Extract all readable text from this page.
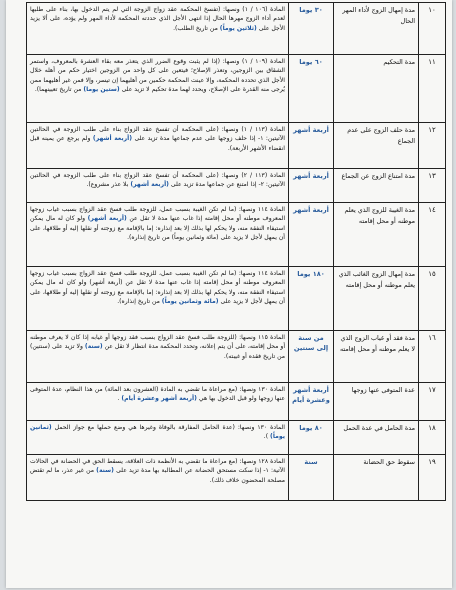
١٠	مدة إمهال الزوج لأداء المهر الحال	٣٠ يوما	المادة (١٠٦ / ١) ونصها: (تفسخ المحكمة عقد زواج الزوجة التي لم يتم الدخول بها، بناء على طلبها لعدم أداء الزوج مهرها الحال إذا انتهى الأجل الذي حددته المحكمة لأداء المهر ولم يؤده، على ألا يزيد الأجل على (ثلاثين يوماً) من تاريخ الطلب).
١١	مدة التحكيم	٦٠ يوما	المادة (١٠٩ / ١) ونصها: (إذا لم يثبت وقوع الضرر الذي يتعذر معه بقاء العشرة بالمعروف، واستمر الشقاق بين الزوجين، وتعذر الإصلاح؛ فيتعين على كل واحد من الزوجين اختيار حكم من أهله خلال الأجل الذي تحدده المحكمة، وإلا عينت المحكمة حكمين من أهليهما إن تيسر، وإلا فمن غير أهليهما ممن يُرجى منه القدرة على الإصلاح، ويحدد لهما مدة تحكيم لا تزيد على (ستين يوما) من تاريخ تعيينهما).
١٢	مدة حلف الزوج على عدم الجماع	أربعة أشهر	المادة (١١٣ / ١) ونصها: (على المحكمة أن تفسخ عقد الزواج بناء على طلب الزوجة في الحالتين الآتيتين: ١- إذا حلف زوجها على عدم جماعها مدة تزيد على (أربعة أشهر) ولم يرجع عن يمينه قبل انقضاء الأشهر الأربعة).
١٣	مدة امتناع الزوج عن الجماع	أربعة أشهر	المادة (١١٣ / ٢) ونصها: (على المحكمة أن تفسخ عقد الزواج بناء على طلب الزوجة في الحالتين الآتيتين: ٢- إذا امتنع عن جماعها مدة تزيد على (أربعة أشهر) بلا عذر مشروع).
١٤	مدة الغيبة للزوج الذي يعلم موطنه أو محل إقامته	أربعة أشهر	المادة ١١٤ ونصها: (ما لم تكن الغيبة بسبب عمل، للزوجة طلب فسخ عقد الزواج بسبب غياب زوجها المعروف موطنه أو محل إقامته إذا غاب عنها مدة لا تقل عن (أربعة أشهر) ولو كان له مال يمكن استيفاء النفقة منه، ولا يحكم لها بذلك إلا بعد إنذاره: إما بالإقامة مع زوجته أو نقلها إليه أو طلاقها، على أن يمهل لأجل لا يزيد على (مائة وثمانين يوماً) من تاريخ إنذاره).
١٥	مدة إمهال الزوج الغائب الذي يعلم موطنه أو محل إقامته	١٨٠ يوما	المادة ١١٤ ونصها: (ما لم تكن الغيبة بسبب عمل، للزوجة طلب فسخ عقد الزواج بسبب غياب زوجها المعروف موطنه أو محل إقامته إذا غاب عنها مدة لا تقل عن (أربعة أشهر) ولو كان له مال يمكن استيفاء النفقة منه، ولا يحكم لها بذلك إلا بعد إنذاره: إما بالإقامة مع زوجته أو نقلها إليه أو طلاقها، على أن يمهل لأجل لا يزيد على (مائة وثمانين يوماً) من تاريخ إنذاره).
١٦	مدة فقد أو غياب الزوج الذي لا يعلم موطنه أو محل إقامته	من سنة إلى سنتين	المادة ١١٥ ونصها: (للزوجة طلب فسخ عقد الزواج بسبب فقد زوجها أو غيابه إذا كان لا يعرف موطنه أو محل إقامته، على أن يتم إعلانه، وتحدد المحكمة مدة انتظار لا تقل عن (سنة) ولا تزيد على (سنتين) من تاريخ فقده أو غيبته).
١٧	عدة المتوفى عنها زوجها	أربعة أشهر وعشرة أيام	المادة ١٣٠ ونصها: (مع مراعاة ما تقضي به المادة (العشرون بعد المائة) من هذا النظام، عدة المتوفى عنها زوجها ولو قبل الدخول بها هي (أربعة أشهر وعشرة أيام) .
١٨	مدة الحامل في عدة الحمل	٨٠ يوما	المادة ١٣٠ ونصها: (عدة الحامل المفارقة بالوفاة وغيرها هي وضع حملها مع جواز الحمل (ثمانين يوماً) ).
١٩	سقوط حق الحضانة	سنة	المادة ١٢٨ ونصها: (مع مراعاة ما تقضي به الأنظمة ذات العلاقة، يسقط الحق في الحضانة في الحالات الآتية: ١- إذا سكت مستحق الحضانة عن المطالبة بها مدة تزيد على (سنة) من غير عذر، ما لم تقتض مصلحة المحضون خلاف ذلك).
